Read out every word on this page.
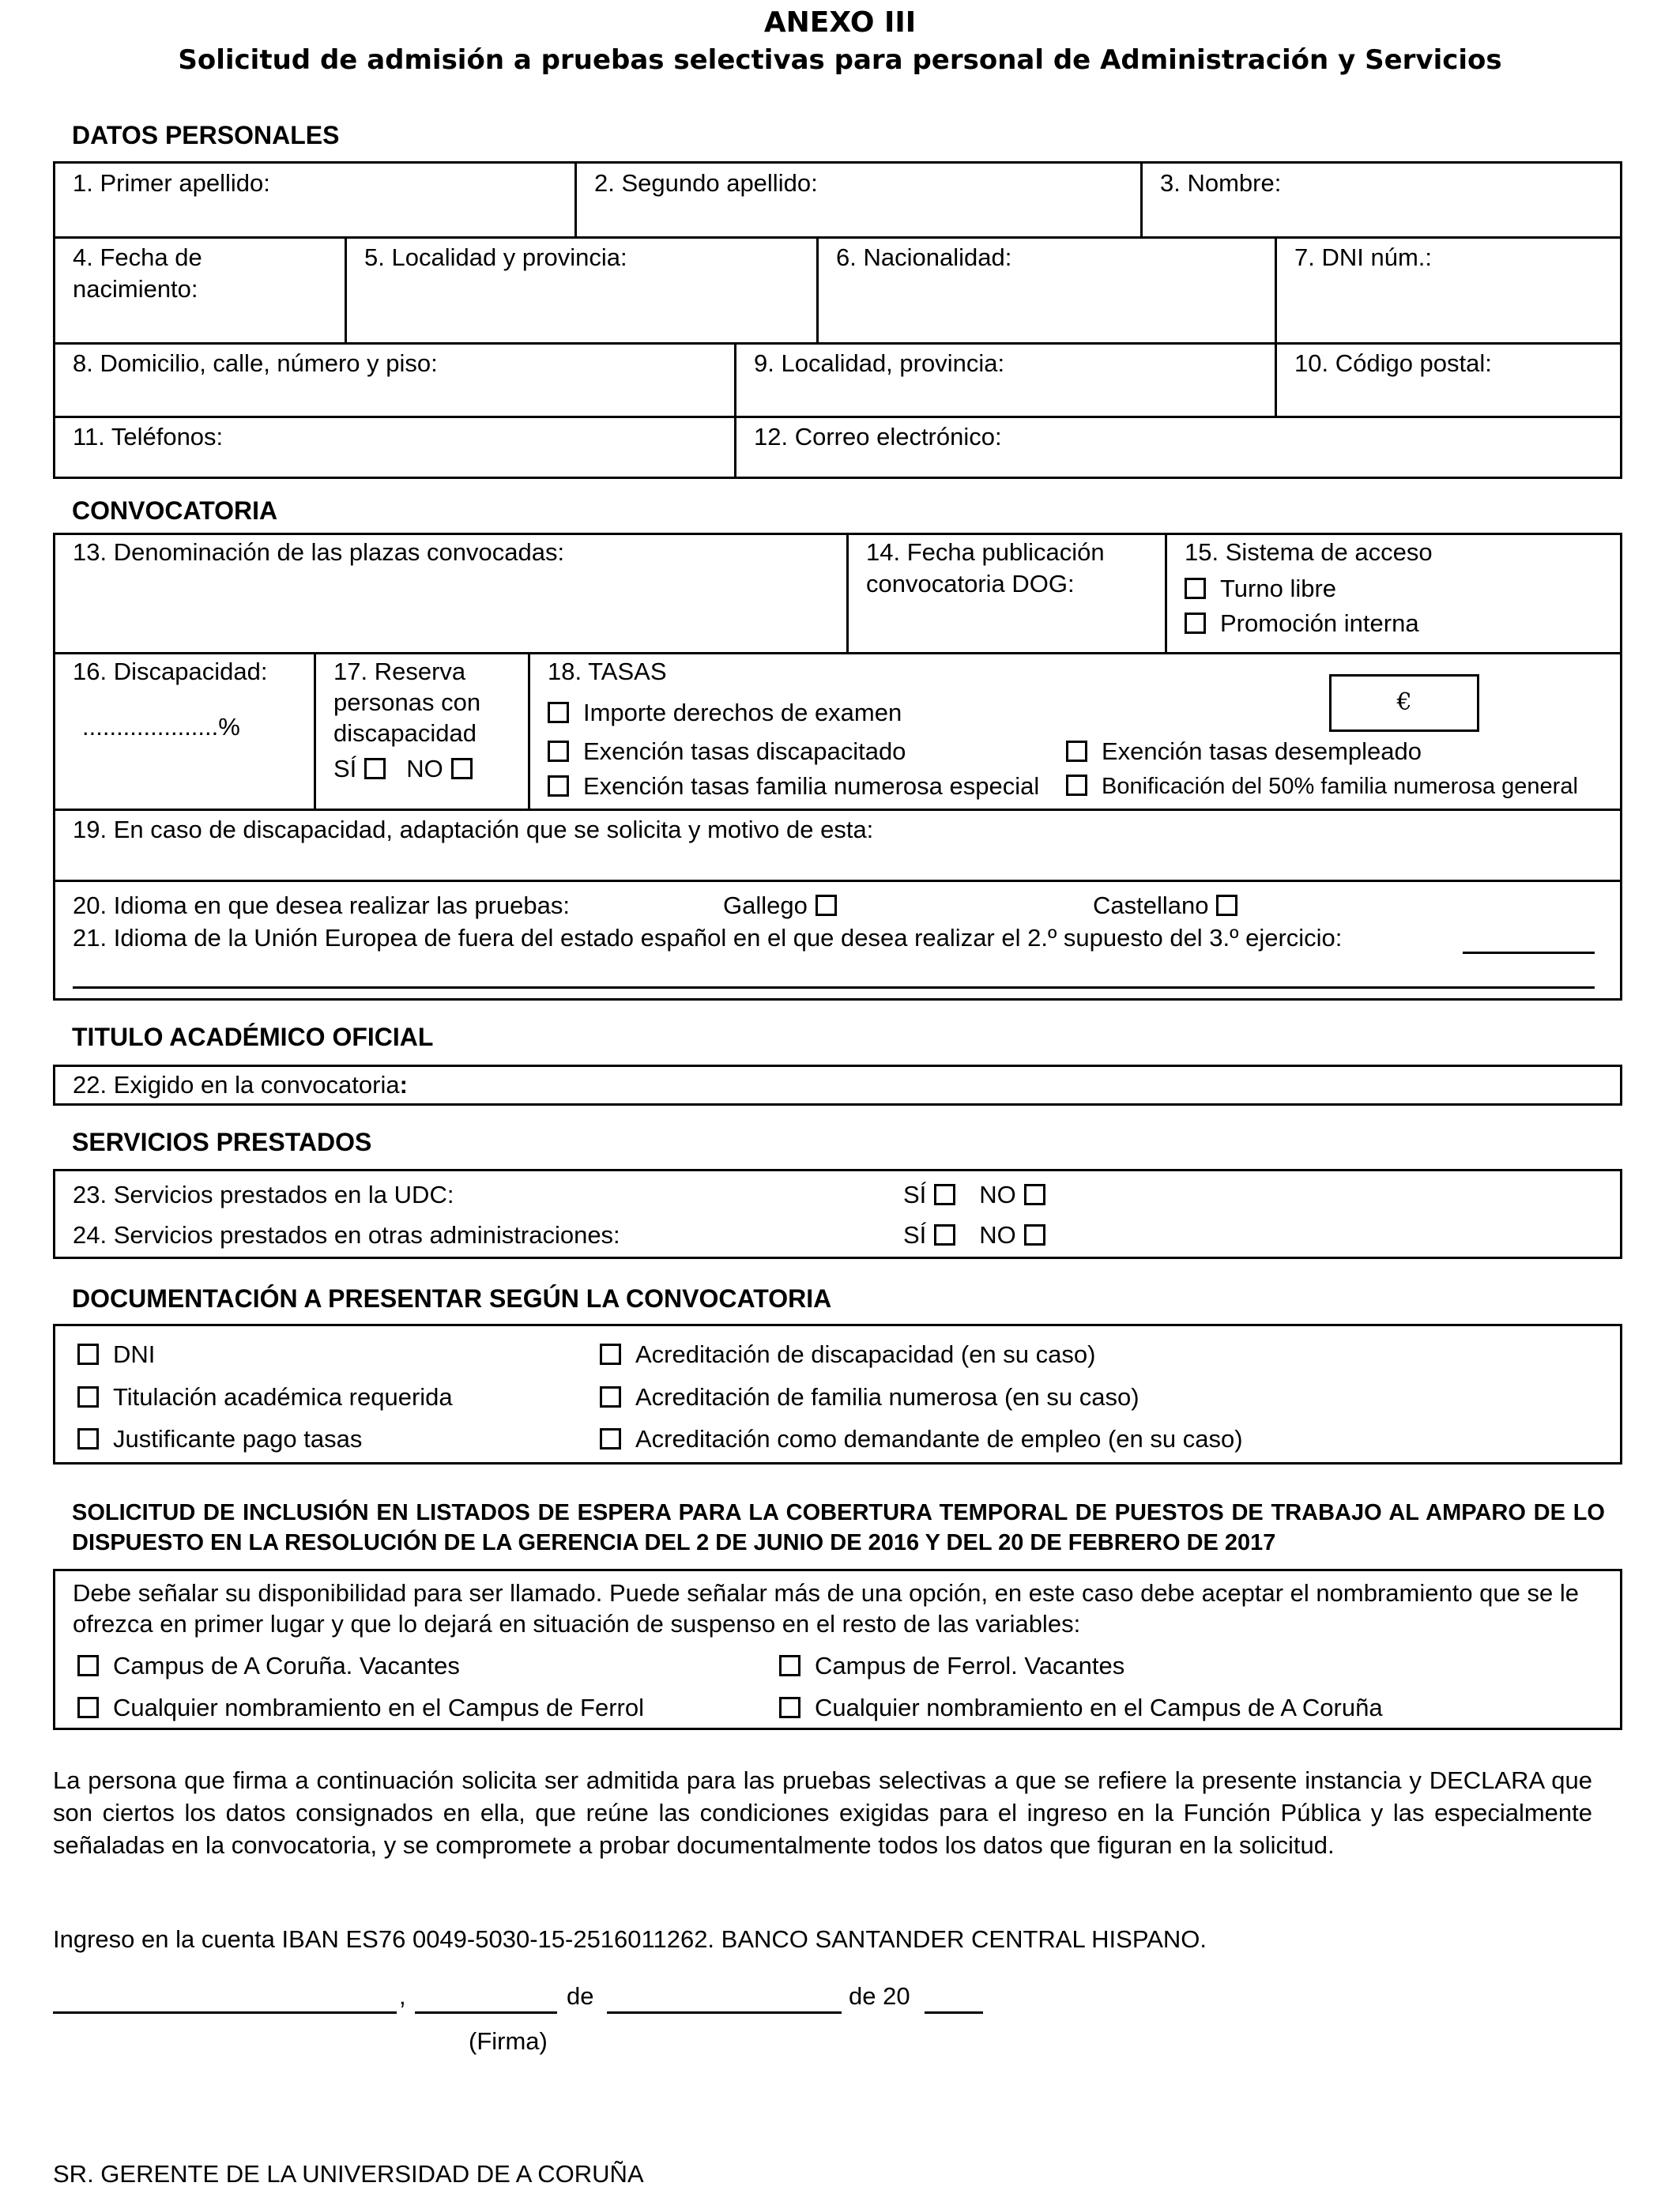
ANEXO III
Solicitud de admisión a pruebas selectivas para personal de Administración y Servicios
DATOS PERSONALES
1. Primer apellido:	2. Segundo apellido:	3. Nombre:
4. Fecha de
nacimiento:
5. Localidad y provincia:	6. Nacionalidad:	7. DNI núm.:
8. Domicilio, calle, número y piso:	9. Localidad, provincia:	10. Código postal:
11. Teléfonos:	12. Correo electrónico:
CONVOCATORIA
13. Denominación de las plazas convocadas:	14. Fecha publicación
convocatoria DOG:
15. Sistema de acceso
Turno libre
Promoción interna
16. Discapacidad:
....................%
17. Reserva
personas con
discapacidad
SÍ NO
18. TASAS
Importe derechos de examen	€
Exención tasas discapacitado	Exención tasas desempleado
Exención tasas familia numerosa especial	Bonificación del 50% familia numerosa general
19. En caso de discapacidad, adaptación que se solicita y motivo de esta:
20. Idioma en que desea realizar las pruebas:	Gallego	Castellano
21. Idioma de la Unión Europea de fuera del estado español en el que desea realizar el 2.º supuesto del 3.º ejercicio:
TITULO ACADÉMICO OFICIAL
22. Exigido en la convocatoria:
SERVICIOS PRESTADOS
23. Servicios prestados en la UDC:	SÍ NO
24. Servicios prestados en otras administraciones:	SÍ NO
DOCUMENTACIÓN A PRESENTAR SEGÚN LA CONVOCATORIA
DNI
Titulación académica requerida
Justificante pago tasas
Acreditación de discapacidad (en su caso)
Acreditación de familia numerosa (en su caso)
Acreditación como demandante de empleo (en su caso)
SOLICITUD DE INCLUSIÓN EN LISTADOS DE ESPERA PARA LA COBERTURA TEMPORAL DE PUESTOS DE TRABAJO AL AMPARO DE LO DISPUESTO EN LA RESOLUCIÓN DE LA GERENCIA DEL 2 DE JUNIO DE 2016 Y DEL 20 DE FEBRERO DE 2017
Debe señalar su disponibilidad para ser llamado. Puede señalar más de una opción, en este caso debe aceptar el nombramiento que se le ofrezca en primer lugar y que lo dejará en situación de suspenso en el resto de las variables:
Campus de A Coruña. Vacantes	Campus de Ferrol. Vacantes
Cualquier nombramiento en el Campus de Ferrol	Cualquier nombramiento en el Campus de A Coruña
La persona que firma a continuación solicita ser admitida para las pruebas selectivas a que se refiere la presente instancia y DECLARA que son ciertos los datos consignados en ella, que reúne las condiciones exigidas para el ingreso en la Función Pública y las especialmente señaladas en la convocatoria, y se compromete a probar documentalmente todos los datos que figuran en la solicitud.
Ingreso en la cuenta IBAN ES76 0049-5030-15-2516011262. BANCO SANTANDER CENTRAL HISPANO.
,	de	de 20
(Firma)
SR. GERENTE DE LA UNIVERSIDAD DE A CORUÑA
